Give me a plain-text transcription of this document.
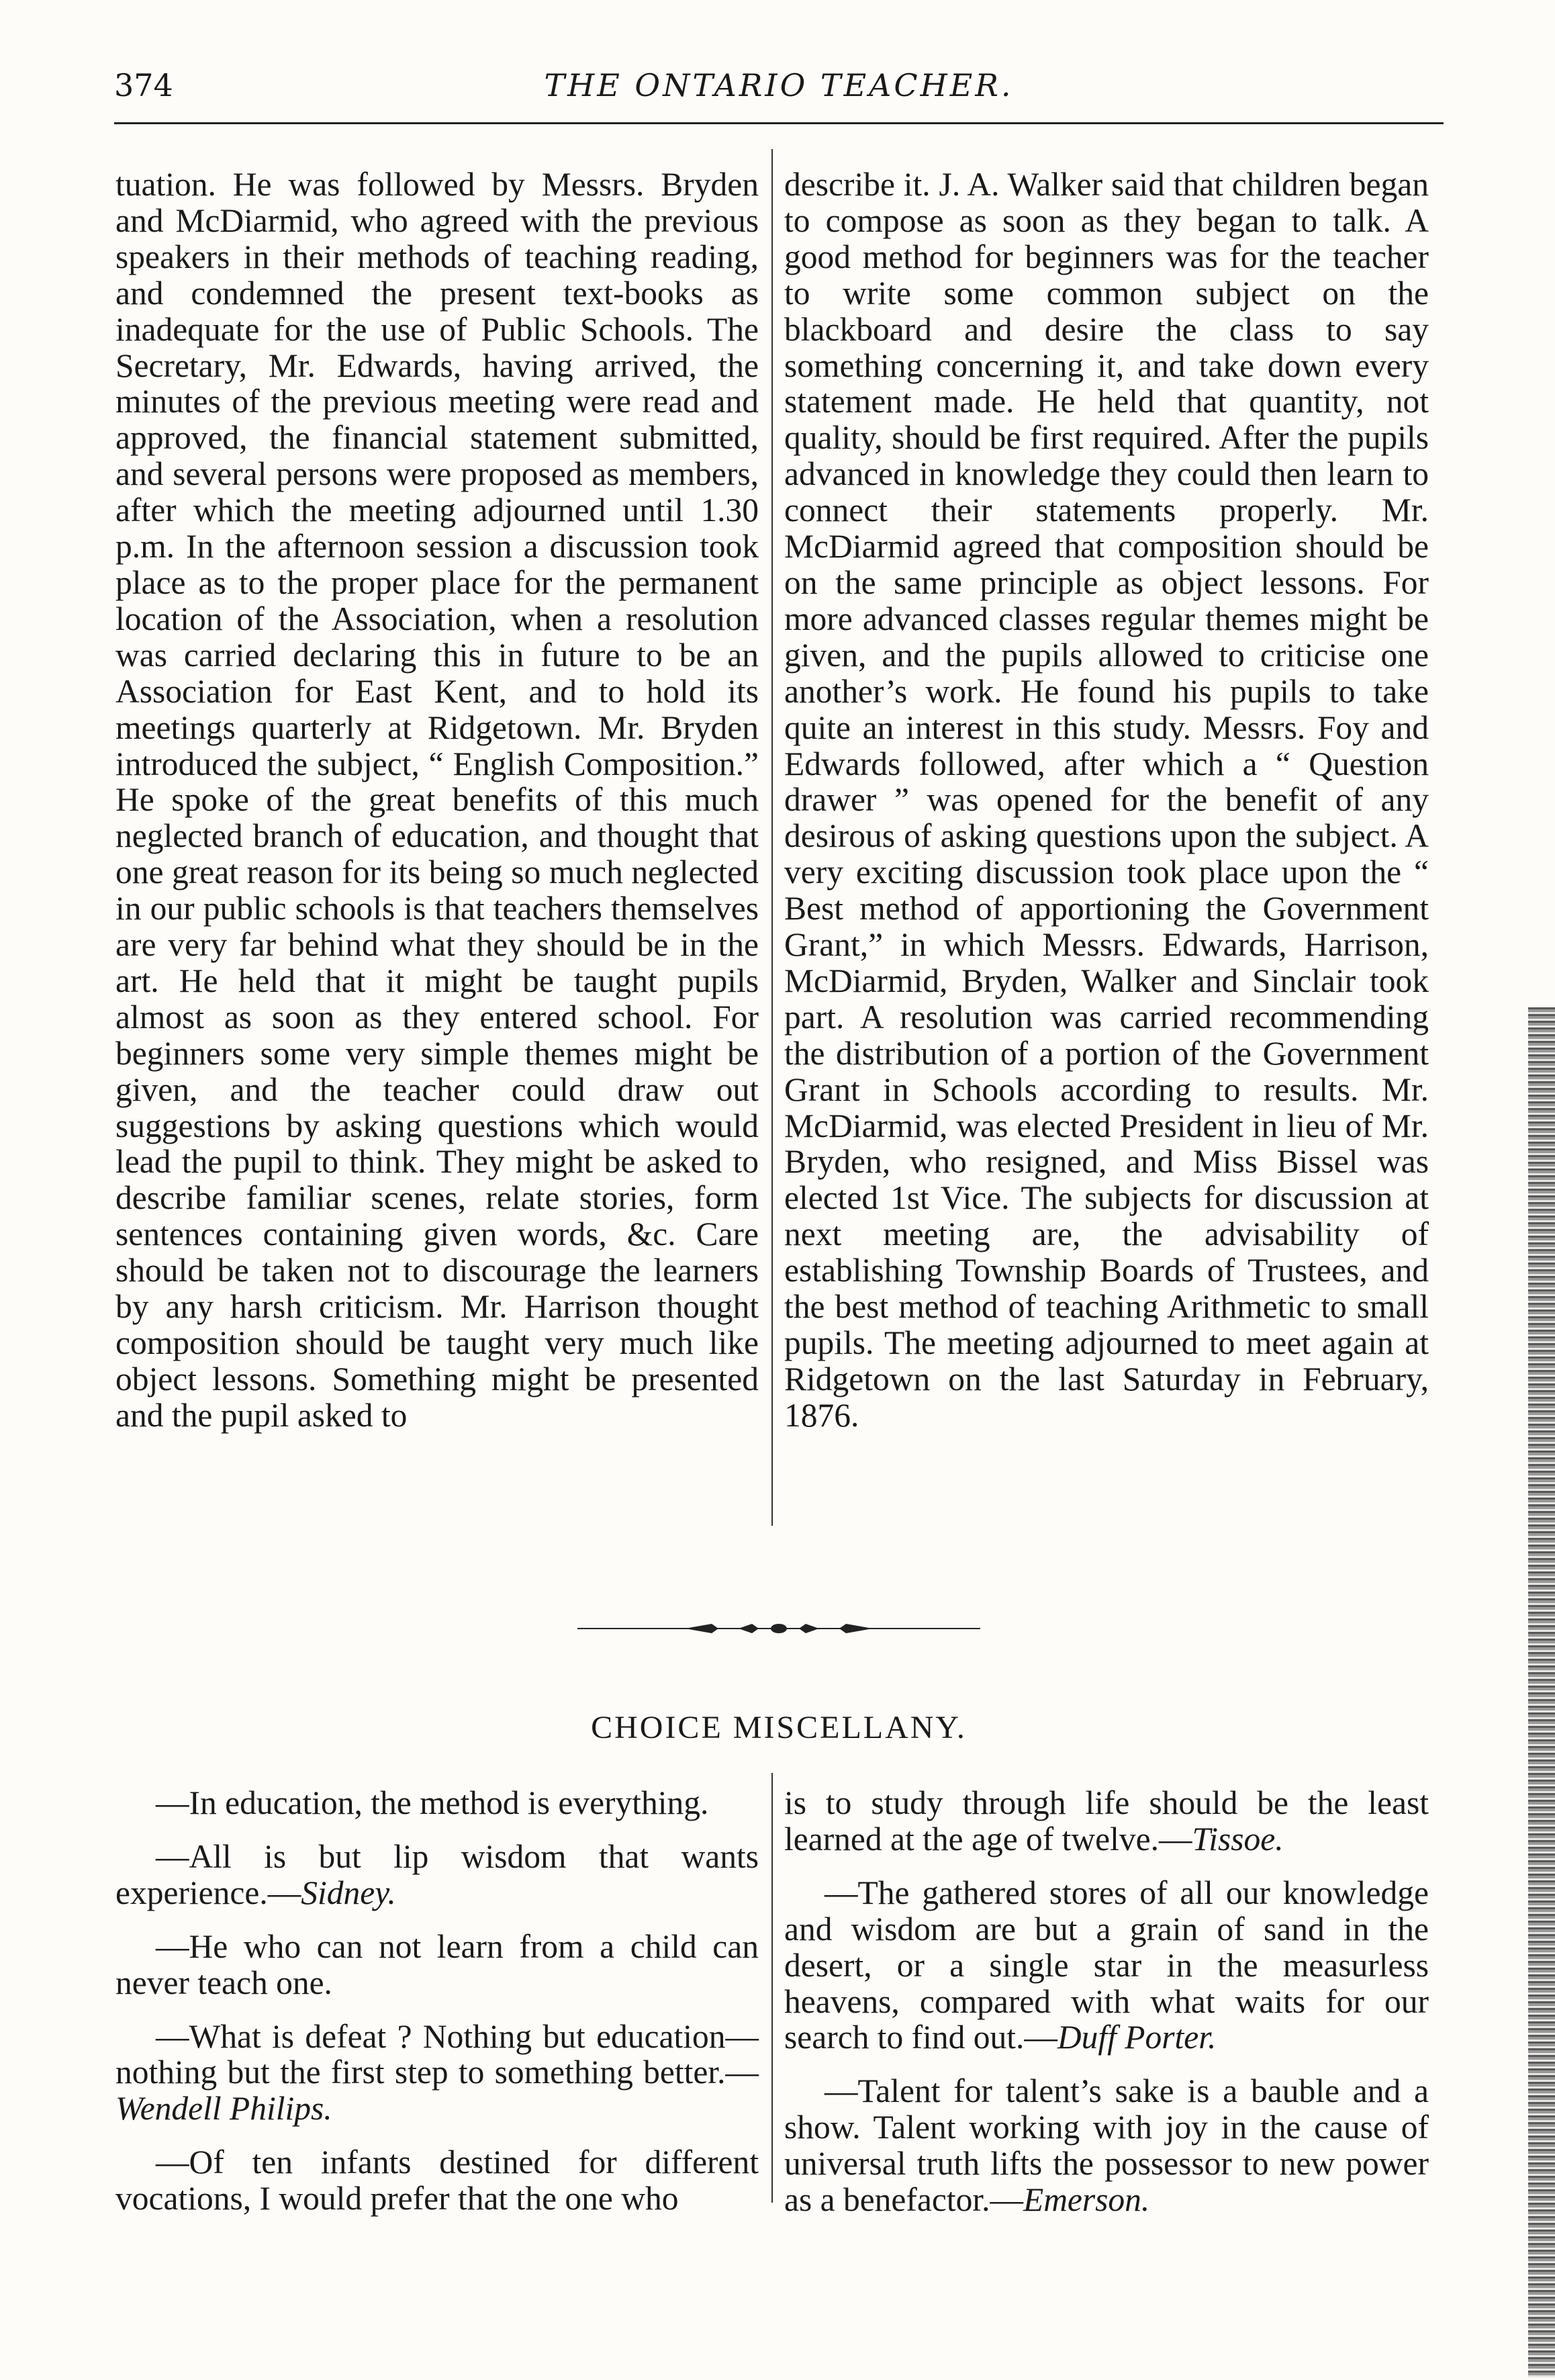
374	THE ONTARIO TEACHER.

tuation. He was followed by Messrs. Bryden and McDiarmid, who agreed with the previous speakers in their methods of teaching reading, and condemned the present text-books as inadequate for the use of Public Schools. The Secretary, Mr. Edwards, having arrived, the minutes of the previous meeting were read and approved, the financial statement submitted, and several persons were proposed as members, after which the meeting adjourned until 1.30 p.m. In the afternoon session a discussion took place as to the proper place for the permanent location of the Association, when a resolution was carried declaring this in future to be an Association for East Kent, and to hold its meetings quarterly at Ridgetown. Mr. Bryden introduced the subject, “ English Composition.” He spoke of the great benefits of this much neglected branch of education, and thought that one great reason for its being so much neglected in our public schools is that teachers themselves are very far behind what they should be in the art. He held that it might be taught pupils almost as soon as they entered school. For beginners some very simple themes might be given, and the teacher could draw out suggestions by asking questions which would lead the pupil to think. They might be asked to describe familiar scenes, relate stories, form sentences containing given words, &c. Care should be taken not to discourage the learners by any harsh criticism. Mr. Harrison thought composition should be taught very much like object lessons. Something might be presented and the pupil asked to

describe it. J. A. Walker said that children began to compose as soon as they began to talk. A good method for beginners was for the teacher to write some common subject on the blackboard and desire the class to say something concerning it, and take down every statement made. He held that quantity, not quality, should be first required. After the pupils advanced in knowledge they could then learn to connect their statements properly. Mr. McDiarmid agreed that composition should be on the same principle as object lessons. For more advanced classes regular themes might be given, and the pupils allowed to criticise one another’s work. He found his pupils to take quite an interest in this study. Messrs. Foy and Edwards followed, after which a “ Question drawer ” was opened for the benefit of any desirous of asking questions upon the subject. A very exciting discussion took place upon the “ Best method of apportioning the Government Grant,” in which Messrs. Edwards, Harrison, McDiarmid, Bryden, Walker and Sinclair took part. A resolution was carried recommending the distribution of a portion of the Government Grant in Schools according to results. Mr. McDiarmid, was elected President in lieu of Mr. Bryden, who resigned, and Miss Bissel was elected 1st Vice. The subjects for discussion at next meeting are, the advisability of establishing Township Boards of Trustees, and the best method of teaching Arithmetic to small pupils. The meeting adjourned to meet again at Ridgetown on the last Saturday in February, 1876.

CHOICE MISCELLANY.

—In education, the method is everything.

—All is but lip wisdom that wants experience.—Sidney.

—He who can not learn from a child can never teach one.

—What is defeat ? Nothing but education—nothing but the first step to something better.—Wendell Philips.

—Of ten infants destined for different vocations, I would prefer that the one who

is to study through life should be the least learned at the age of twelve.—Tissoe.

—The gathered stores of all our knowledge and wisdom are but a grain of sand in the desert, or a single star in the measurless heavens, compared with what waits for our search to find out.—Duff Porter.

—Talent for talent’s sake is a bauble and a show. Talent working with joy in the cause of universal truth lifts the possessor to new power as a benefactor.—Emerson.
